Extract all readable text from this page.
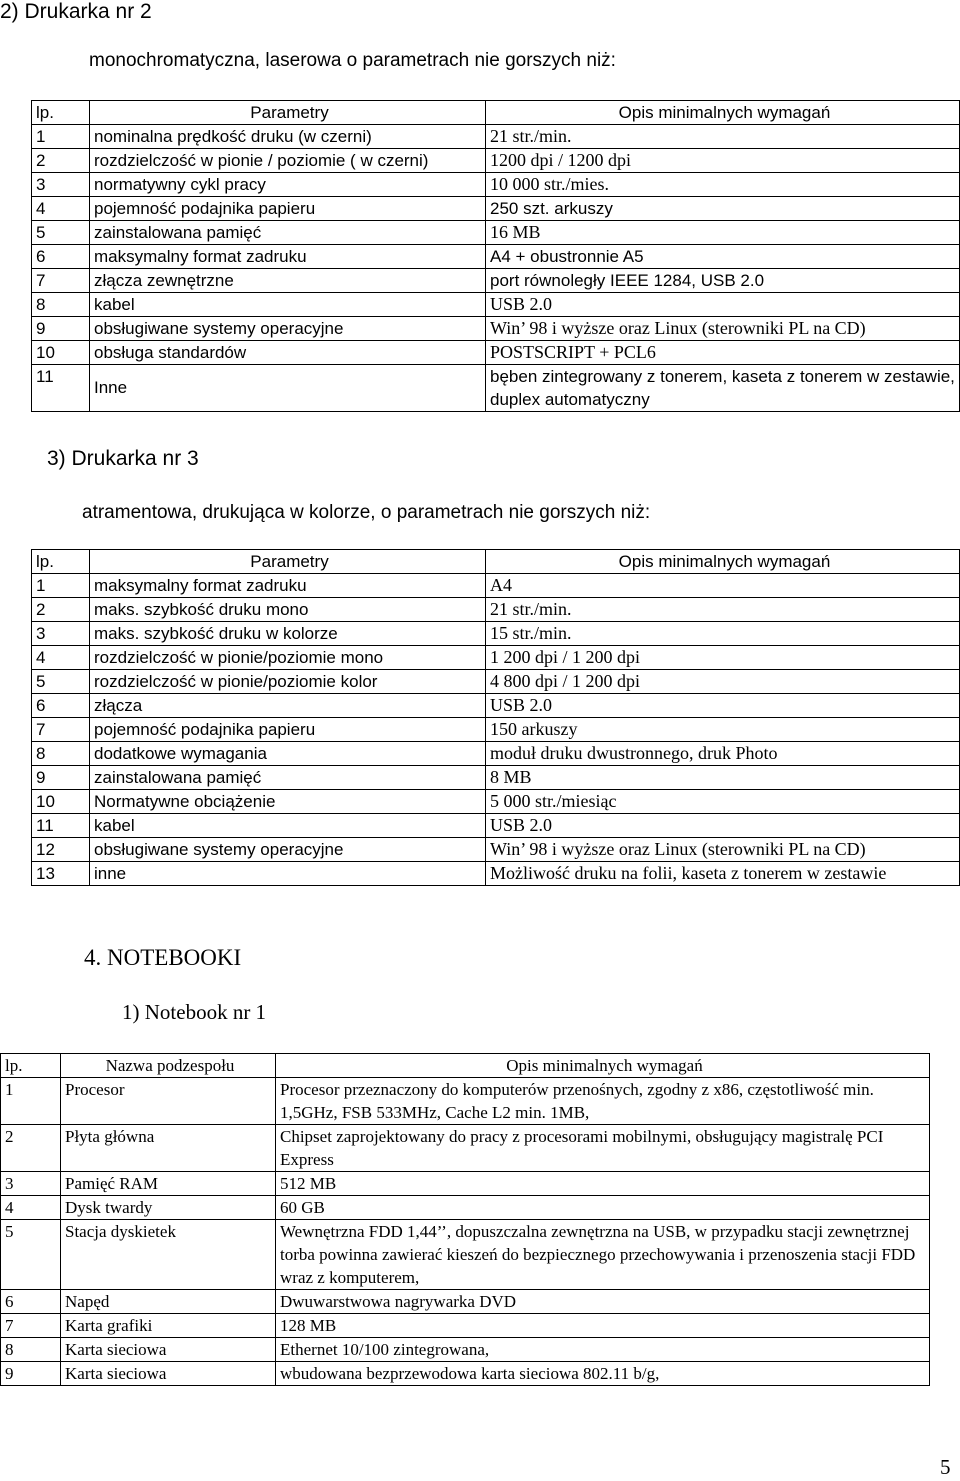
2) Drukarka nr 2
monochromatyczna, laserowa o parametrach nie gorszych niż:
lp.	Parametry	Opis minimalnych wymagań
1	nominalna prędkość druku (w czerni)	21 str./min.
2	rozdzielczość w pionie / poziomie ( w czerni)	1200 dpi / 1200 dpi
3	normatywny cykl pracy	10 000 str./mies.
4	pojemność podajnika papieru	250 szt. arkuszy
5	zainstalowana pamięć	16 MB
6	maksymalny format zadruku	A4 + obustronnie A5
7	złącza zewnętrzne	port równoległy IEEE 1284, USB 2.0
8	kabel	USB 2.0
9	obsługiwane systemy operacyjne	Win’ 98 i wyższe oraz Linux (sterowniki PL na CD)
10	obsługa standardów	POSTSCRIPT + PCL6
11	Inne	bęben zintegrowany z tonerem, kaseta z tonerem w zestawie, duplex automatyczny
3) Drukarka nr 3
atramentowa, drukująca w kolorze, o parametrach nie gorszych niż:
lp.	Parametry	Opis minimalnych wymagań
1	maksymalny format zadruku	A4
2	maks. szybkość druku mono	21 str./min.
3	maks. szybkość druku w kolorze	15 str./min.
4	rozdzielczość w pionie/poziomie mono	1 200 dpi / 1 200 dpi
5	rozdzielczość w pionie/poziomie kolor	4 800 dpi / 1 200 dpi
6	złącza	USB 2.0
7	pojemność podajnika papieru	150 arkuszy
8	dodatkowe wymagania	moduł druku dwustronnego, druk Photo
9	zainstalowana pamięć	8 MB
10	Normatywne obciążenie	5 000 str./miesiąc
11	kabel	USB 2.0
12	obsługiwane systemy operacyjne	Win’ 98 i wyższe oraz Linux (sterowniki PL na CD)
13	inne	Możliwość druku na folii, kaseta z tonerem w zestawie
4. NOTEBOOKI
1) Notebook nr 1
lp.	Nazwa podzespołu	Opis minimalnych wymagań
1	Procesor	Procesor przeznaczony do komputerów przenośnych, zgodny z x86, częstotliwość min. 1,5GHz, FSB 533MHz, Cache L2 min. 1MB,
2	Płyta główna	Chipset zaprojektowany do pracy z procesorami mobilnymi, obsługujący magistralę PCI Express
3	Pamięć RAM	512 MB
4	Dysk twardy	60 GB
5	Stacja dyskietek	Wewnętrzna FDD 1,44’’, dopuszczalna zewnętrzna na USB, w przypadku stacji zewnętrznej torba powinna zawierać kieszeń do bezpiecznego przechowywania i przenoszenia stacji FDD wraz z komputerem,
6	Napęd	Dwuwarstwowa nagrywarka DVD
7	Karta grafiki	128 MB
8	Karta sieciowa	Ethernet 10/100 zintegrowana,
9	Karta sieciowa	wbudowana bezprzewodowa karta sieciowa 802.11 b/g,
5
